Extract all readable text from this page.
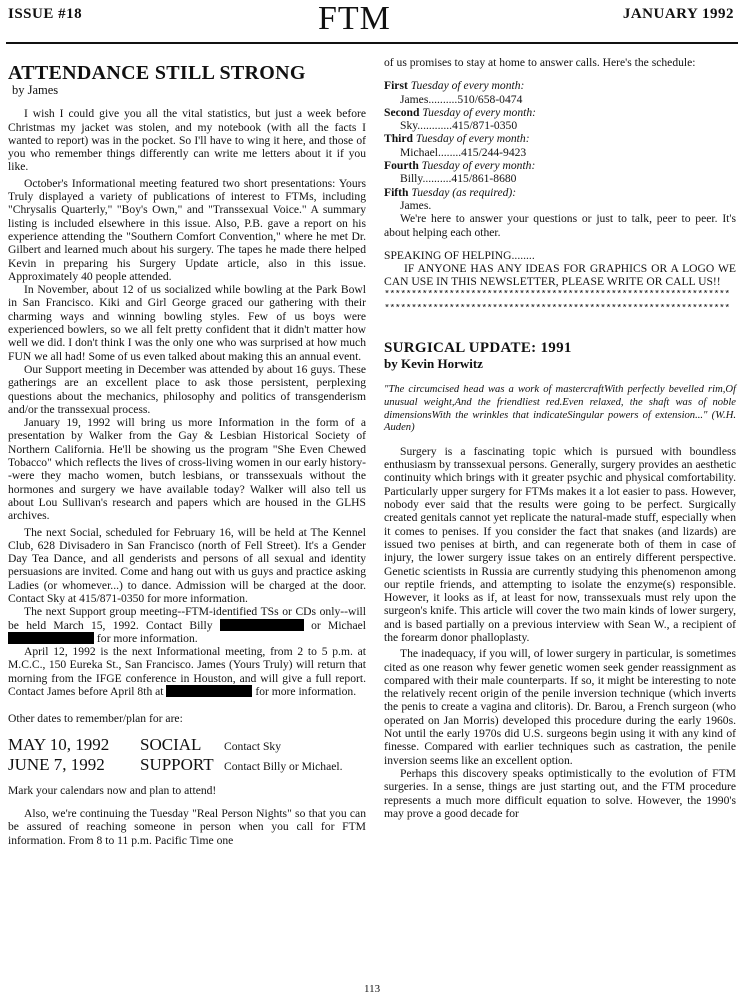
ISSUE #18	FTM	JANUARY 1992
ATTENDANCE STILL STRONG
by James

I wish I could give you all the vital statistics, but just a week before Christmas my jacket was stolen, and my notebook (with all the facts I wanted to report) was in the pocket. So I'll have to wing it here, and those of you who remember things differently can write me letters about it if you like.

October's Informational meeting featured two short presentations: Yours Truly displayed a variety of publications of interest to FTMs, including "Chrysalis Quarterly," "Boy's Own," and "Transsexual Voice." A summary listing is included elsewhere in this issue. Also, P.B. gave a report on his experience attending the "Southern Comfort Convention," where he met Dr. Gilbert and learned much about his surgery. The tapes he made there helped Kevin in preparing his Surgery Update article, also in this issue. Approximately 40 people attended.

In November, about 12 of us socialized while bowling at the Park Bowl in San Francisco. Kiki and Girl George graced our gathering with their charming ways and winning bowling styles. Few of us boys were experienced bowlers, so we all felt pretty confident that it didn't matter how well we did. I don't think I was the only one who was surprised at how much FUN we all had! Some of us even talked about making this an annual event.

Our Support meeting in December was attended by about 16 guys. These gatherings are an excellent place to ask those persistent, perplexing questions about the mechanics, philosophy and politics of transgenderism and/or the transsexual process.

January 19, 1992 will bring us more Information in the form of a presentation by Walker from the Gay & Lesbian Historical Society of Northern California. He'll be showing us the program "She Even Chewed Tobacco" which reflects the lives of cross-living women in our early history--were they macho women, butch lesbians, or transsexuals without the hormones and surgery we have available today? Walker will also tell us about Lou Sullivan's research and papers which are housed in the GLHS archives.

The next Social, scheduled for February 16, will be held at The Kennel Club, 628 Divisadero in San Francisco (north of Fell Street). It's a Gender Day Tea Dance, and all genderists and persons of all sexual and identity persuasions are invited. Come and hang out with us guys and practice asking Ladies (or whomever...) to dance. Admission will be charged at the door. Contact Sky at 415/871-0350 for more information.

The next Support group meeting--FTM-identified TSs or CDs only--will be held March 15, 1992. Contact Billy	or Michael  for more information.

April 12, 1992 is the next Informational meeting, from 2 to 5 p.m. at M.C.C., 150 Eureka St., San Francisco. James (Yours Truly) will return that morning from the IFGE conference in Houston, and will give a full report. Contact James before April 8th at	for more information.

Other dates to remember/plan for are:

MAY 10, 1992	SOCIAL	Contact Sky
JUNE 7, 1992	SUPPORT Contact Billy or Michael.

Mark your calendars now and plan to attend!

Also, we're continuing the Tuesday "Real Person Nights" so that you can be assured of reaching someone in person when you call for FTM information. From 8 to 11 p.m. Pacific Time one

of us promises to stay at home to answer calls. Here's the schedule:

First Tuesday of every month:
James..........510/658-0474
Second Tuesday of every month:
Sky............415/871-0350
Third Tuesday of every month:
Michael........415/244-9423
Fourth Tuesday of every month:
Billy..........415/861-8680
Fifth Tuesday (as required):
James.

We're here to answer your questions or just to talk, peer to peer. It's about helping each other.

SPEAKING OF HELPING........
IF ANYONE HAS ANY IDEAS FOR GRAPHICS OR A LOGO WE CAN USE IN THIS NEWSLETTER, PLEASE WRITE OR CALL US!!
****************************************************************
****************************************************************
SURGICAL UPDATE: 1991
by Kevin Horwitz

"The circumcised head was a work of mastercraftWith perfectly bevelled rim,Of unusual weight,And the friendliest red.Even relaxed, the shaft was of noble dimensionsWith the wrinkles that indicateSingular powers of extension..." (W.H. Auden)

Surgery is a fascinating topic which is pursued with boundless enthusiasm by transsexual persons. Generally, surgery provides an aesthetic continuity which brings with it greater psychic and physical comfortability. Particularly upper surgery for FTMs makes it a lot easier to pass. However, nobody ever said that the results were going to be perfect. Surgically created genitals cannot yet replicate the natural-made stuff, especially when it comes to penises. If you consider the fact that snakes (and lizards) are issued two penises at birth, and can regenerate both of them in case of injury, the lower surgery issue takes on an entirely different perspective. Genetic scientists in Russia are currently studying this phenomenon among our reptile friends, and attempting to isolate the enzyme(s) responsible. However, it looks as if, at least for now, transsexuals must rely upon the surgeon's knife. This article will cover the two main kinds of lower surgery, and is based partially on a previous interview with Sean W., a recipient of the forearm donor phalloplasty.

The inadequacy, if you will, of lower surgery in particular, is sometimes cited as one reason why fewer genetic women seek gender reassignment as compared with their male counterparts. If so, it might be interesting to note the relatively recent origin of the penile inversion technique (which inverts the penis to create a vagina and clitoris). Dr. Barou, a French surgeon (who operated on Jan Morris) developed this procedure during the early 1960s. Not until the early 1970s did U.S. surgeons begin using it with any kind of finesse. Compared with earlier techniques such as castration, the penile inversion seems like an excellent option.

Perhaps this discovery speaks optimistically to the evolution of FTM surgeries. In a sense, things are just starting out, and the FTM procedure represents a much more difficult equation to solve. However, the 1990's may prove a good decade for

113
